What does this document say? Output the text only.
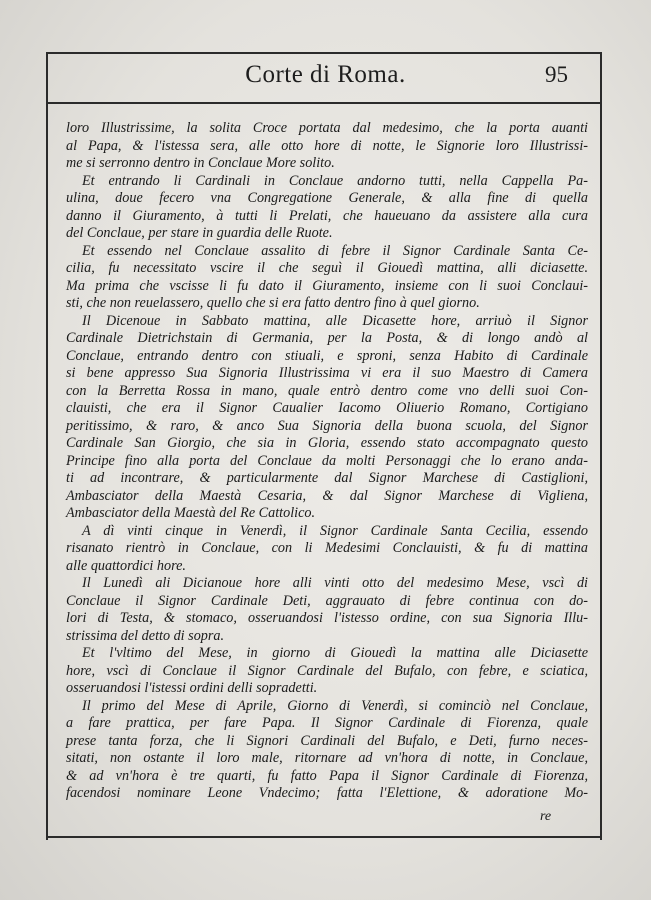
Corte di Roma.	95
loro Illustrissime, la solita Croce portata dal medesimo, che la porta auanti
al Papa, & l'istessa sera, alle otto hore di notte, le Signorie loro Illustrissi-
me si serronno dentro in Conclaue More solito.
Et entrando li Cardinali in Conclaue andorno tutti, nella Cappella Pa-
ulina, doue fecero vna Congregatione Generale, & alla fine di quella
danno il Giuramento, à tutti li Prelati, che haueuano da assistere alla cura
del Conclaue, per stare in guardia delle Ruote.
Et essendo nel Conclaue assalito di febre il Signor Cardinale Santa Ce-
cilia, fu necessitato vscire il che seguì il Giouedì mattina, alli diciasette.
Ma prima che vscisse li fu dato il Giuramento, insieme con li suoi Conclaui-
sti, che non reuelassero, quello che si era fatto dentro fino à quel giorno.
Il Dicenoue in Sabbato mattina, alle Dicasette hore, arriuò il Signor
Cardinale Dietrichstain di Germania, per la Posta, & di longo andò al
Conclaue, entrando dentro con stiuali, e sproni, senza Habito di Cardinale
si bene appresso Sua Signoria Illustrissima vi era il suo Maestro di Camera
con la Berretta Rossa in mano, quale entrò dentro come vno delli suoi Con-
clauisti, che era il Signor Caualier Iacomo Oliuerio Romano, Cortigiano
peritissimo, & raro, & anco Sua Signoria della buona scuola, del Signor
Cardinale San Giorgio, che sia in Gloria, essendo stato accompagnato questo
Principe fino alla porta del Conclaue da molti Personaggi che lo erano anda-
ti ad incontrare, & particularmente dal Signor Marchese di Castiglioni,
Ambasciator della Maestà Cesaria, & dal Signor Marchese di Vigliena,
Ambasciator della Maestà del Re Cattolico.
A dì vinti cinque in Venerdì, il Signor Cardinale Santa Cecilia, essendo
risanato rientrò in Conclaue, con li Medesimi Conclauisti, & fu di mattina
alle quattordici hore.
Il Lunedì ali Dicianoue hore alli vinti otto del medesimo Mese, vscì di
Conclaue il Signor Cardinale Deti, aggrauato di febre continua con do-
lori di Testa, & stomaco, osseruandosi l'istesso ordine, con sua Signoria Illu-
strissima del detto di sopra.
Et l'vltimo del Mese, in giorno di Giouedì la mattina alle Diciasette
hore, vscì di Conclaue il Signor Cardinale del Bufalo, con febre, e sciatica,
osseruandosi l'istessi ordini delli sopradetti.
Il primo del Mese di Aprile, Giorno di Venerdì, si cominciò nel Conclaue,
a fare prattica, per fare Papa. Il Signor Cardinale di Fiorenza, quale
prese tanta forza, che li Signori Cardinali del Bufalo, e Deti, furno neces-
sitati, non ostante il loro male, ritornare ad vn'hora di notte, in Conclaue,
& ad vn'hora è tre quarti, fu fatto Papa il Signor Cardinale di Fiorenza,
facendosi nominare Leone Vndecimo; fatta l'Elettione, & adoratione Mo-
re
